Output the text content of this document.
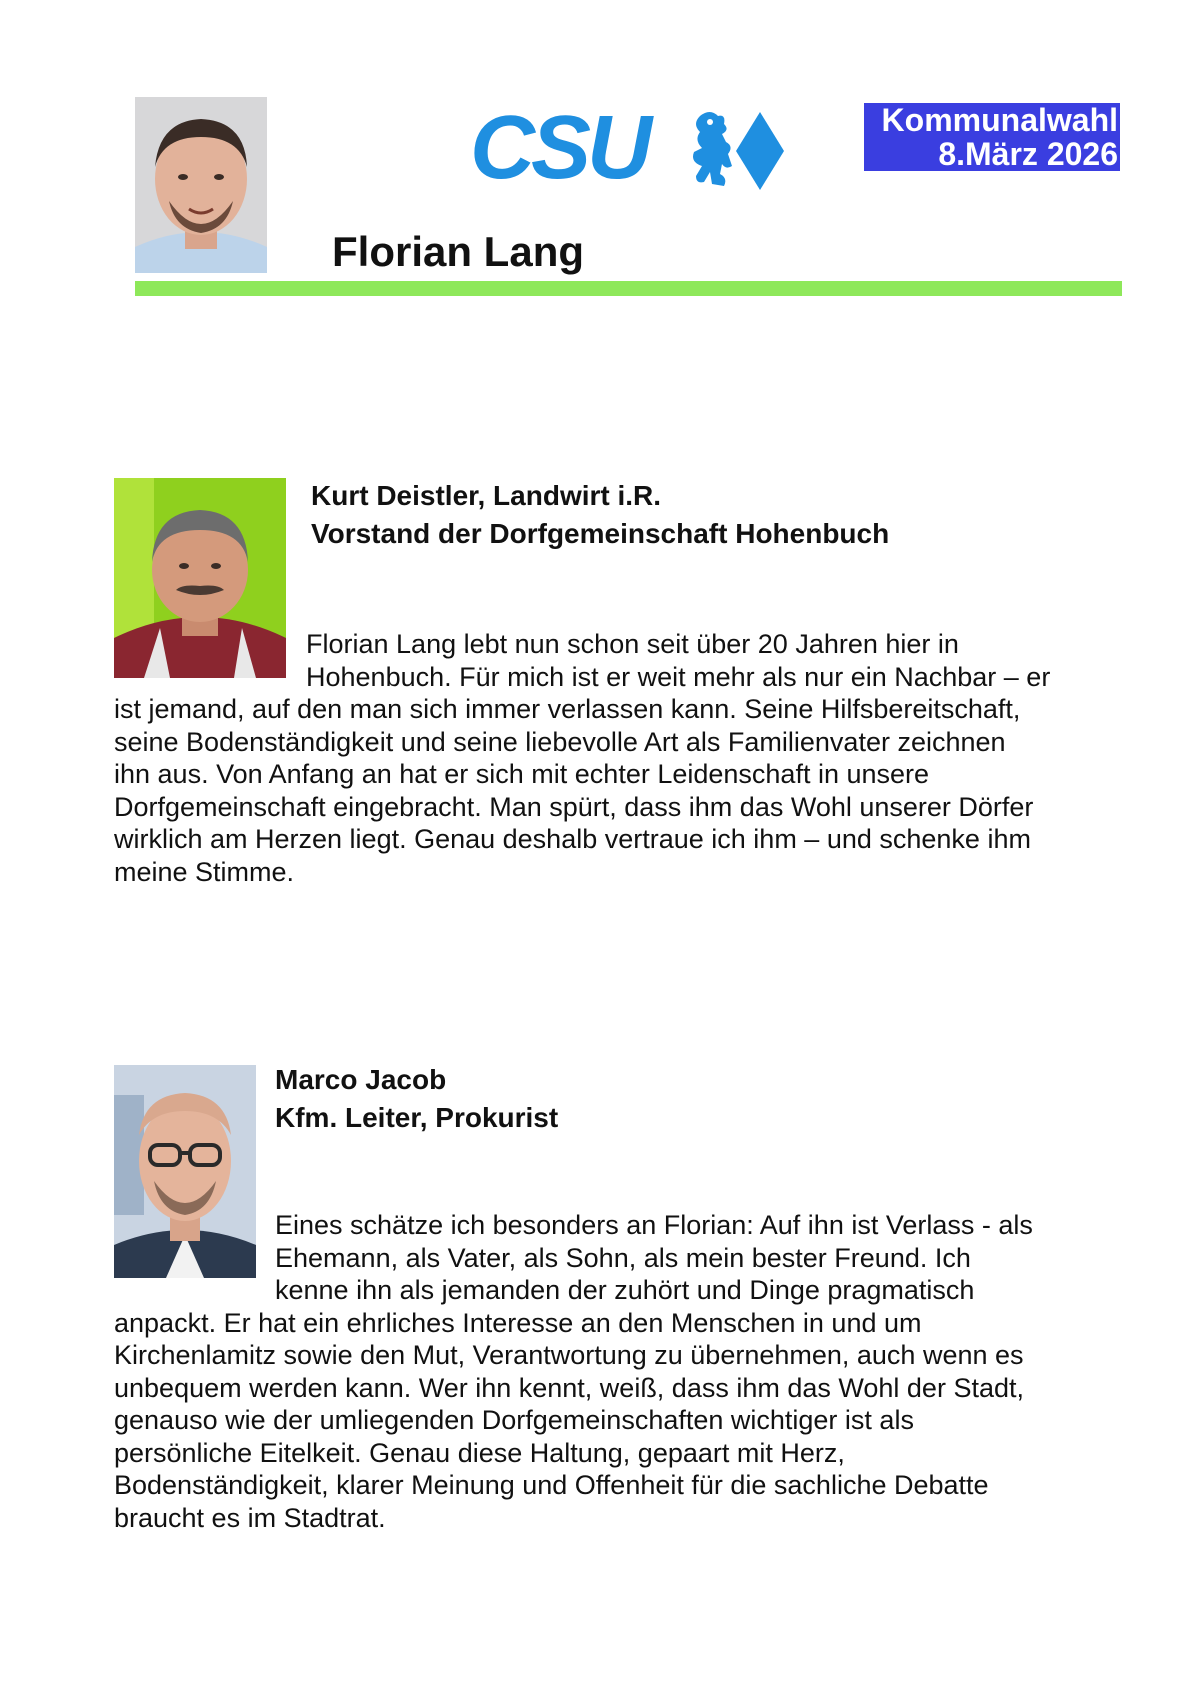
CSU	Kommunalwahl
8.März 2026
Florian Lang
Kurt Deistler, Landwirt i.R.
Vorstand der Dorfgemeinschaft Hohenbuch
Florian Lang lebt nun schon seit über 20 Jahren hier in
Hohenbuch. Für mich ist er weit mehr als nur ein Nachbar – er
ist jemand, auf den man sich immer verlassen kann. Seine Hilfsbereitschaft,
seine Bodenständigkeit und seine liebevolle Art als Familienvater zeichnen
ihn aus. Von Anfang an hat er sich mit echter Leidenschaft in unsere
Dorfgemeinschaft eingebracht. Man spürt, dass ihm das Wohl unserer Dörfer
wirklich am Herzen liegt. Genau deshalb vertraue ich ihm – und schenke ihm
meine Stimme.
Marco Jacob
Kfm. Leiter, Prokurist
Eines schätze ich besonders an Florian: Auf ihn ist Verlass - als
Ehemann, als Vater, als Sohn, als mein bester Freund. Ich
kenne ihn als jemanden der zuhört und Dinge pragmatisch
anpackt. Er hat ein ehrliches Interesse an den Menschen in und um
Kirchenlamitz sowie den Mut, Verantwortung zu übernehmen, auch wenn es
unbequem werden kann. Wer ihn kennt, weiß, dass ihm das Wohl der Stadt,
genauso wie der umliegenden Dorfgemeinschaften wichtiger ist als
persönliche Eitelkeit. Genau diese Haltung, gepaart mit Herz,
Bodenständigkeit, klarer Meinung und Offenheit für die sachliche Debatte
braucht es im Stadtrat.
